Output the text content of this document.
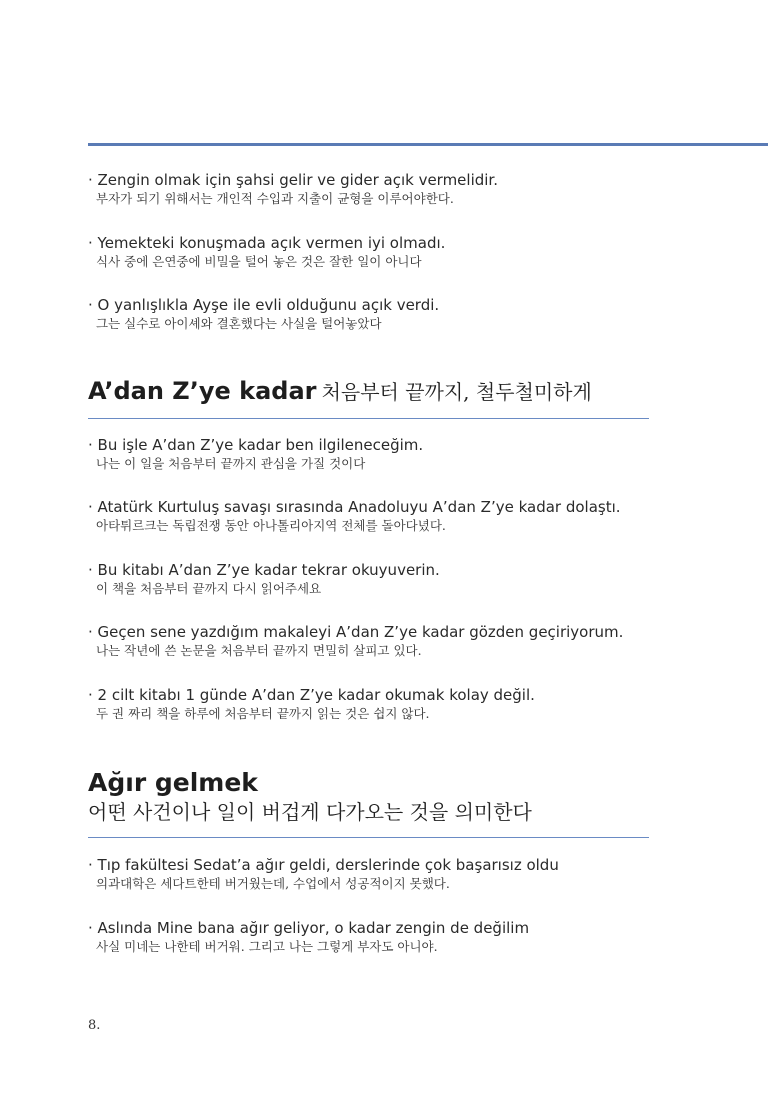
· Zengin olmak için şahsi gelir ve gider açık vermelidir.
부자가 되기 위해서는 개인적 수입과 지출이 균형을 이루어야한다.
· Yemekteki konuşmada açık vermen iyi olmadı.
식사 중에 은연중에 비밀을 털어 놓은 것은 잘한 일이 아니다
· O yanlışlıkla Ayşe ile evli olduğunu açık verdi.
그는 실수로 아이셰와 결혼했다는 사실을 털어놓았다
A’dan Z’ye kadar 처음부터 끝까지, 철두철미하게
· Bu işle A’dan Z’ye kadar ben ilgileneceğim.
나는 이 일을 처음부터 끝까지 관심을 가질 것이다
· Atatürk Kurtuluş savaşı sırasında Anadoluyu A’dan Z’ye kadar dolaştı.
아타튀르크는 독립전쟁 동안 아나톨리아지역 전체를 돌아다녔다.
· Bu kitabı A’dan Z’ye kadar tekrar okuyuverin.
이 책을 처음부터 끝까지 다시 읽어주세요
· Geçen sene yazdığım makaleyi A’dan Z’ye kadar gözden geçiriyorum.
나는 작년에 쓴 논문을 처음부터 끝까지 면밀히 살피고 있다.
· 2 cilt kitabı 1 günde A’dan Z’ye kadar okumak kolay değil.
두 권 짜리 책을 하루에 처음부터 끝까지 읽는 것은 쉽지 않다.
Ağır gelmek
어떤 사건이나 일이 버겁게 다가오는 것을 의미한다
· Tıp fakültesi Sedat’a ağır geldi, derslerinde çok başarısız oldu
의과대학은 세다트한테 버거웠는데, 수업에서 성공적이지 못했다.
· Aslında Mine bana ağır geliyor, o kadar zengin de değilim
사실 미네는 나한테 버거워. 그리고 나는 그렇게 부자도 아니야.
8.
